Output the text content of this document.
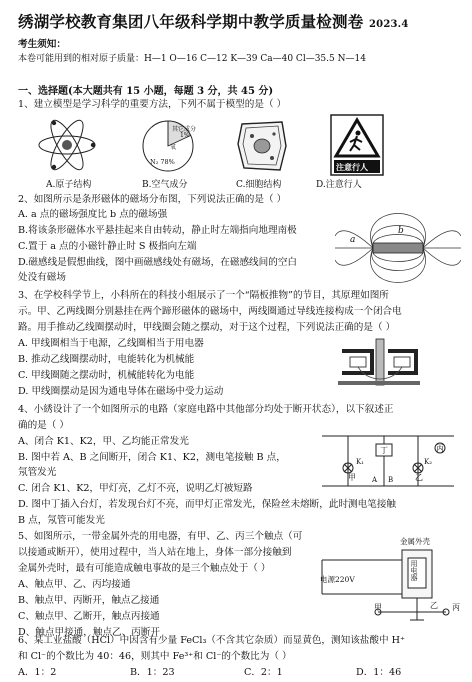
绣湖学校教育集团八年级科学期中教学质量检测卷 2023.4
考生须知：
本卷可能用到的相对原子质量：H—1 O—16 C—12 K—39 Ca—40 Cl—35.5 N—14
一、选择题(本大题共有 15 小题，每题 3 分，共 45 分)
1、建立模型是学习科学的重要方法，下列不属于模型的是（ ）
A.原子结构
其它成分
1%
氧
N₂ 78%
B.空气成分	C.细胞结构
注意行人
D.注意行人
2、如图所示是条形磁体的磁场分布图，下列说法正确的是（ ）
A. a 点的磁场强度比 b 点的磁场强
B.将该条形磁体水平悬挂起来自由转动，静止时左端指向地理南极
C.置于 a 点的小磁针静止时 S 极指向左端
D.磁感线是假想曲线，图中画磁感线处有磁场，在磁感线间的空白
处没有磁场
a
b
3、在学校科学节上，小科所在的科技小组展示了一个“隔板推物”的节目，其原理如图所
示。甲、乙两线圈分别悬挂在两个蹄形磁体的磁场中，两线圈通过导线连接构成一个闭合电
路。用手推动乙线圈摆动时，甲线圈会随之摆动，对于这个过程，下列说法正确的是（ ）
A. 甲线圈相当于电源，乙线圈相当于用电器
B. 推动乙线圈摆动时，电能转化为机械能
C. 甲线圈随之摆动时，机械能转化为电能
D. 甲线圈摆动是因为通电导体在磁场中受力运动
4、小綉设计了一个如图所示的电路（家庭电路中其他部分均处于断开状态），以下叙述正
确的是（ ）
A、闭合 K1、K2，甲、乙均能正常发光
B. 图中若 A、B 之间断开，闭合 K1、K2，测电笔接触 B 点，
氖管发光
C. 闭合 K1、K2，甲灯亮，乙灯不亮，说明乙灯被短路
D. 图中丁插入台灯，若发现台灯不亮，而甲灯正常发光，保险丝未熔断，此时测电笔接触
B 点，氖管可能发光
甲	乙
丁	丙
K₁	K₂
A B
5、如图所示，一带金属外壳的用电器，有甲、乙、丙三个触点（可
以接通或断开），使用过程中，当人站在地上，身体一部分接触到
金属外壳时，最有可能造成触电事故的是三个触点处于（ ）
A、触点甲、乙、丙均接通
B、触点甲、丙断开，触点乙接通
C、触点甲、乙断开，触点丙接通
D、触点甲接通，触点乙、丙断开
金属外壳
电源220V	用电器
甲	乙 丙
6、某工业盐酸（HCl）中因含有少量 FeCl₃（不含其它杂质）而显黄色，测知该盐酸中 H⁺
和 Cl⁻的个数比为 40：46，则其中 Fe³⁺和 Cl⁻的个数比为（ ）
A．1：2	B．1：23	C．2：1	D．1：46
